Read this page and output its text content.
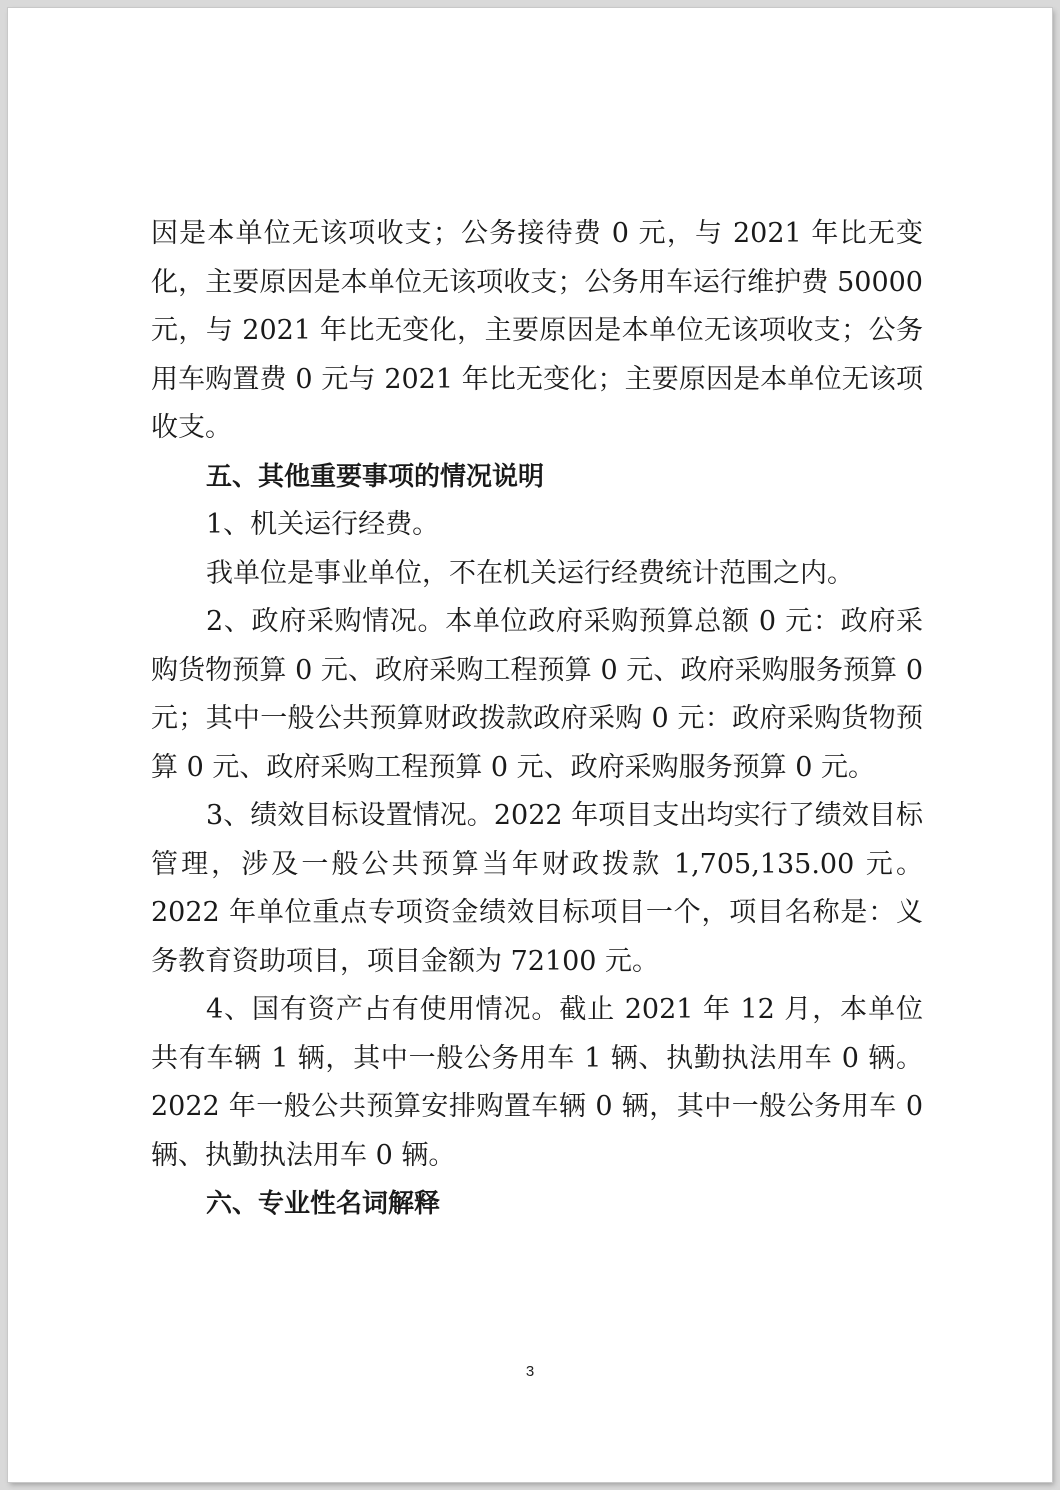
因是本单位无该项收支；公务接待费 0 元，与 2021 年比无变化，主要原因是本单位无该项收支；公务用车运行维护费 50000 元，与 2021 年比无变化，主要原因是本单位无该项收支；公务用车购置费 0 元与 2021 年比无变化；主要原因是本单位无该项收支。

五、其他重要事项的情况说明

1、机关运行经费。

我单位是事业单位，不在机关运行经费统计范围之内。

2、政府采购情况。本单位政府采购预算总额 0 元：政府采购货物预算 0 元、政府采购工程预算 0 元、政府采购服务预算 0 元；其中一般公共预算财政拨款政府采购 0 元：政府采购货物预算 0 元、政府采购工程预算 0 元、政府采购服务预算 0 元。

3、绩效目标设置情况。2022 年项目支出均实行了绩效目标管理，涉及一般公共预算当年财政拨款 1,705,135.00 元。2022 年单位重点专项资金绩效目标项目一个，项目名称是：义务教育资助项目，项目金额为 72100 元。

4、国有资产占有使用情况。截止 2021 年 12 月，本单位共有车辆 1 辆，其中一般公务用车 1 辆、执勤执法用车 0 辆。2022 年一般公共预算安排购置车辆 0 辆，其中一般公务用车 0 辆、执勤执法用车 0 辆。

六、专业性名词解释

3
